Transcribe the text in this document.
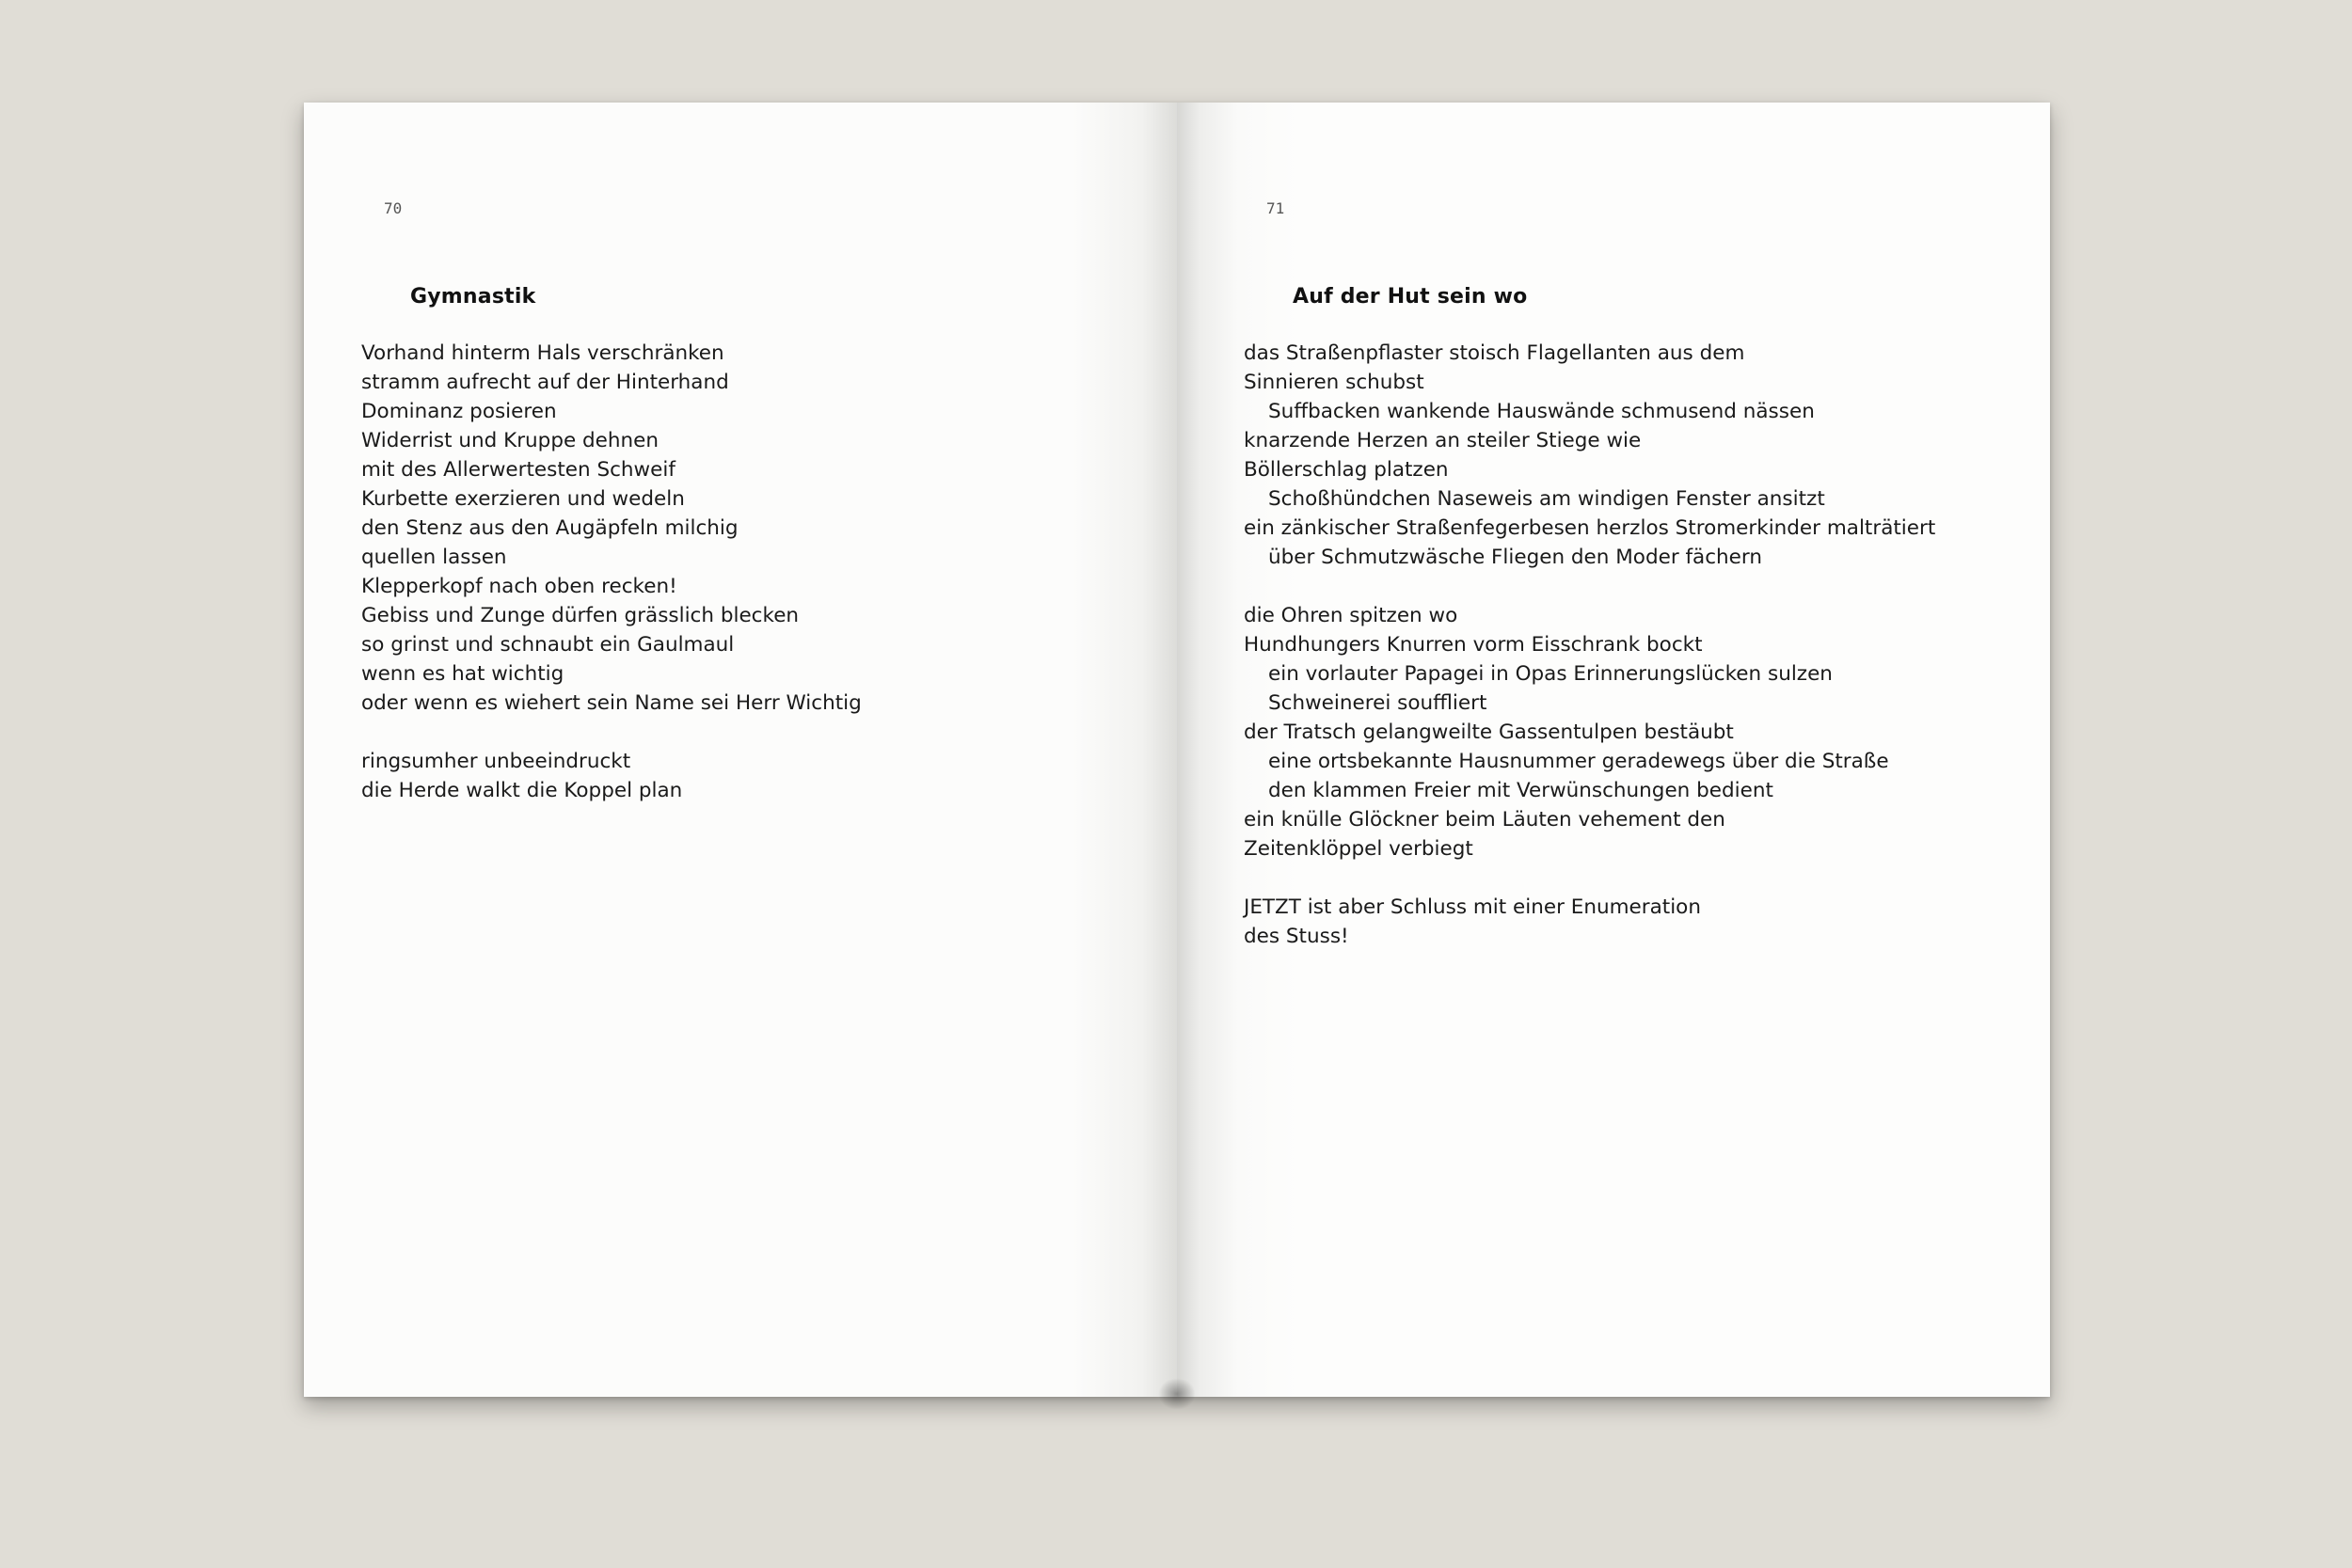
70

Gymnastik
Vorhand hinterm Hals verschränken
stramm aufrecht auf der Hinterhand
Dominanz posieren
Widerrist und Kruppe dehnen
mit des Allerwertesten Schweif
Kurbette exerzieren und wedeln
den Stenz aus den Augäpfeln milchig
quellen lassen
Klepperkopf nach oben recken!
Gebiss und Zunge dürfen grässlich blecken
so grinst und schnaubt ein Gaulmaul
wenn es hat wichtig
oder wenn es wiehert sein Name sei Herr Wichtig
ringsumher unbeeindruckt
die Herde walkt die Koppel plan

71

Auf der Hut sein wo
das Straßenpflaster stoisch Flagellanten aus dem
Sinnieren schubst
Suffbacken wankende Hauswände schmusend nässen
knarzende Herzen an steiler Stiege wie
Böllerschlag platzen
Schoßhündchen Naseweis am windigen Fenster ansitzt
ein zänkischer Straßenfegerbesen herzlos Stromerkinder malträtiert
über Schmutzwäsche Fliegen den Moder fächern
die Ohren spitzen wo
Hundhungers Knurren vorm Eisschrank bockt
ein vorlauter Papagei in Opas Erinnerungslücken sulzen
Schweinerei souffliert
der Tratsch gelangweilte Gassentulpen bestäubt
eine ortsbekannte Hausnummer geradewegs über die Straße
den klammen Freier mit Verwünschungen bedient
ein knülle Glöckner beim Läuten vehement den
Zeitenklöppel verbiegt
JETZT ist aber Schluss mit einer Enumeration
des Stuss!
